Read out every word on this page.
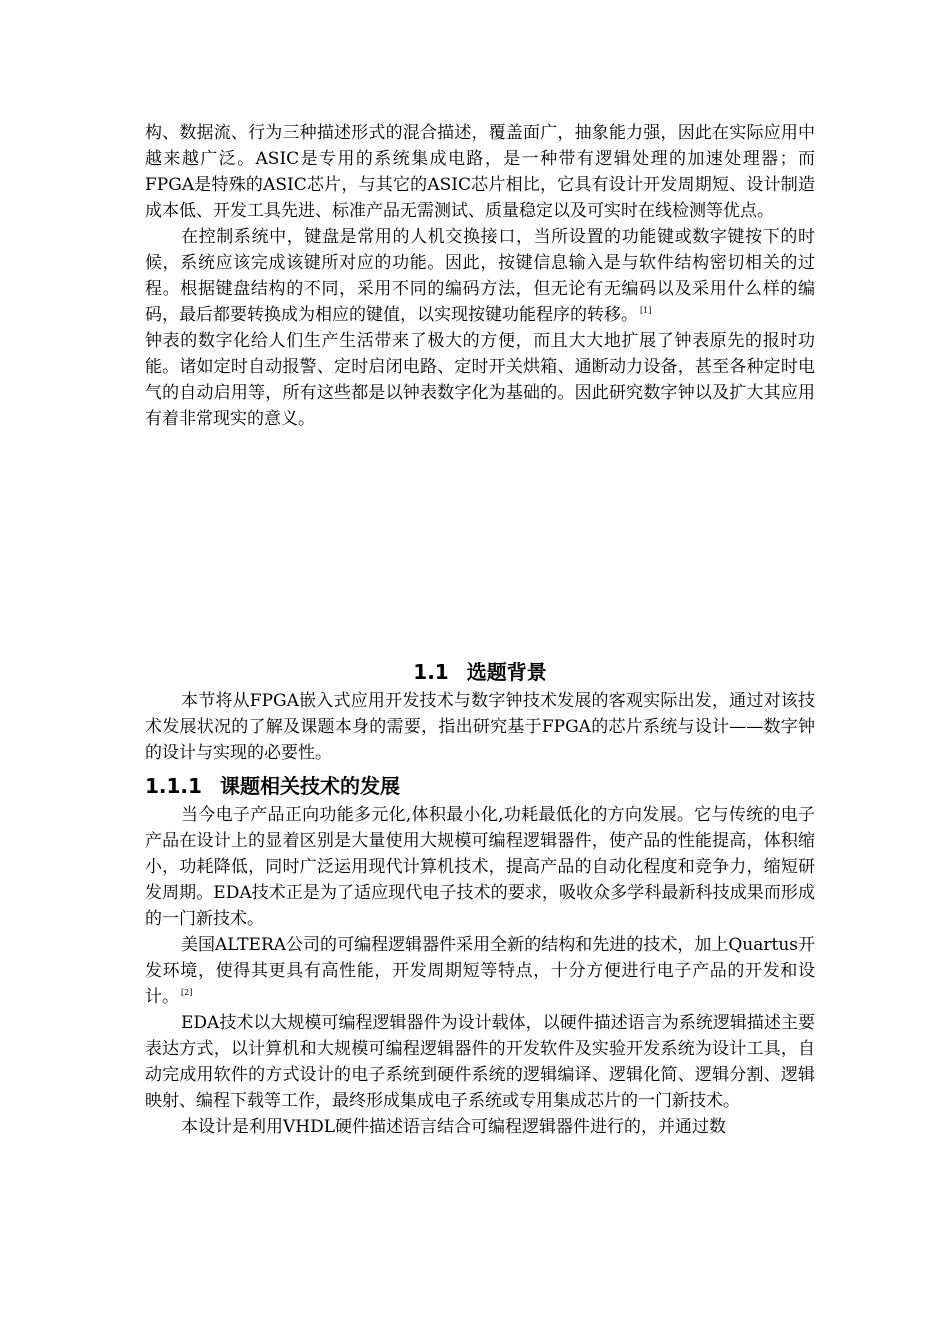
构、数据流、行为三种描述形式的混合描述，覆盖面广，抽象能力强，因此在实际应用中越来越广泛。ASIC是专用的系统集成电路，是一种带有逻辑处理的加速处理器；而FPGA是特殊的ASIC芯片，与其它的ASIC芯片相比，它具有设计开发周期短、设计制造成本低、开发工具先进、标准产品无需测试、质量稳定以及可实时在线检测等优点。

在控制系统中，键盘是常用的人机交换接口，当所设置的功能键或数字键按下的时候，系统应该完成该键所对应的功能。因此，按键信息输入是与软件结构密切相关的过程。根据键盘结构的不同，采用不同的编码方法，但无论有无编码以及采用什么样的编码，最后都要转换成为相应的键值，以实现按键功能程序的转移。 [1]

钟表的数字化给人们生产生活带来了极大的方便，而且大大地扩展了钟表原先的报时功能。诸如定时自动报警、定时启闭电路、定时开关烘箱、通断动力设备，甚至各种定时电气的自动启用等，所有这些都是以钟表数字化为基础的。因此研究数字钟以及扩大其应用有着非常现实的意义。

1.1 选题背景

本节将从FPGA嵌入式应用开发技术与数字钟技术发展的客观实际出发，通过对该技术发展状况的了解及课题本身的需要，指出研究基于FPGA的芯片系统与设计——数字钟的设计与实现的必要性。

1.1.1 课题相关技术的发展

当今电子产品正向功能多元化,体积最小化,功耗最低化的方向发展。它与传统的电子产品在设计上的显着区别是大量使用大规模可编程逻辑器件，使产品的性能提高，体积缩小，功耗降低，同时广泛运用现代计算机技术，提高产品的自动化程度和竞争力，缩短研发周期。EDA技术正是为了适应现代电子技术的要求，吸收众多学科最新科技成果而形成的一门新技术。

美国ALTERA公司的可编程逻辑器件采用全新的结构和先进的技术，加上Quartus开发环境，使得其更具有高性能，开发周期短等特点，十分方便进行电子产品的开发和设计。 [2]

EDA技术以大规模可编程逻辑器件为设计载体，以硬件描述语言为系统逻辑描述主要表达方式，以计算机和大规模可编程逻辑器件的开发软件及实验开发系统为设计工具，自动完成用软件的方式设计的电子系统到硬件系统的逻辑编译、逻辑化简、逻辑分割、逻辑映射、编程下载等工作，最终形成集成电子系统或专用集成芯片的一门新技术。

本设计是利用VHDL硬件描述语言结合可编程逻辑器件进行的，并通过数
